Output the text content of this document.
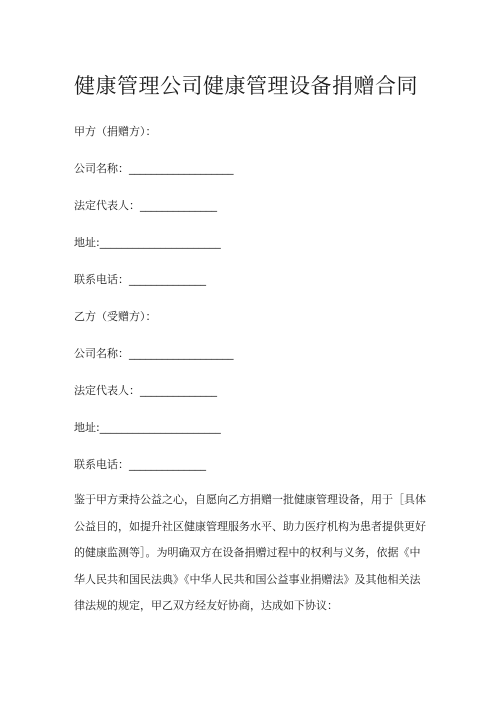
健康管理公司健康管理设备捐赠合同
甲方（捐赠方）：
公司名称：___________________
法定代表人：______________
地址:______________________
联系电话：______________
乙方（受赠方）：
公司名称：___________________
法定代表人：______________
地址:______________________
联系电话：______________
鉴于甲方秉持公益之心，自愿向乙方捐赠一批健康管理设备，用于［具体
公益目的，如提升社区健康管理服务水平、助力医疗机构为患者提供更好
的健康监测等］。为明确双方在设备捐赠过程中的权利与义务，依据《中
华人民共和国民法典》《中华人民共和国公益事业捐赠法》及其他相关法
律法规的规定，甲乙双方经友好协商，达成如下协议：
